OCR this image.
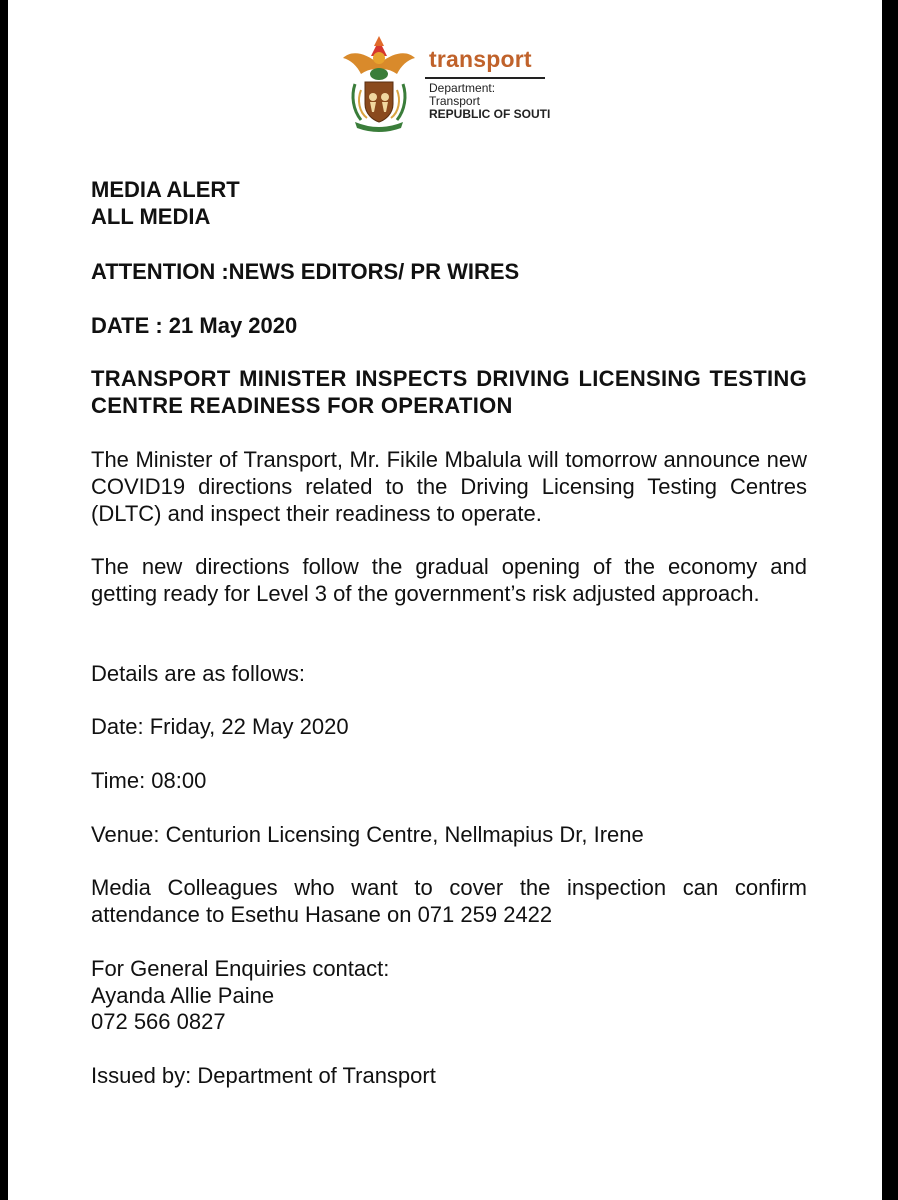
transport
Department:
Transport
REPUBLIC OF SOUTI
MEDIA ALERT
ALL MEDIA
ATTENTION :NEWS EDITORS/ PR WIRES
DATE : 21 May 2020
TRANSPORT MINISTER INSPECTS DRIVING LICENSING TESTING CENTRE READINESS FOR OPERATION
The Minister of Transport, Mr. Fikile Mbalula will tomorrow announce new COVID19 directions related to the Driving Licensing Testing Centres (DLTC) and inspect their readiness to operate.
The new directions follow the gradual opening of the economy and getting ready for Level 3 of the government’s risk adjusted approach.
Details are as follows:
Date: Friday, 22 May 2020
Time: 08:00
Venue: Centurion Licensing Centre, Nellmapius Dr, Irene
Media Colleagues who want to cover the inspection can confirm attendance to Esethu Hasane on 071 259 2422
For General Enquiries contact:
Ayanda Allie Paine
072 566 0827
Issued by: Department of Transport
